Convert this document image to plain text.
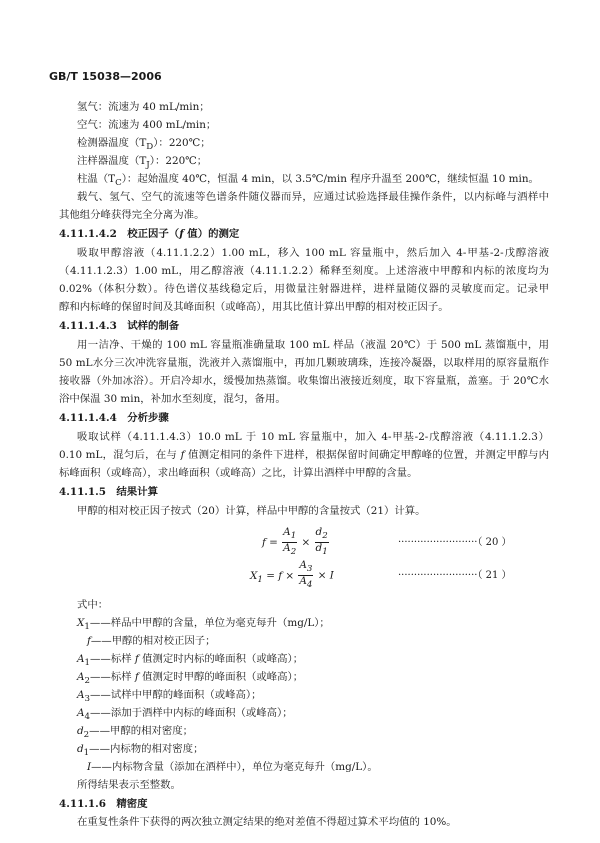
GB/T 15038—2006
氢气：流速为 40 mL/min；
空气：流速为 400 mL/min；
检测器温度$(T_D)$：220℃；
注样器温度$(T_J)$：220℃；
柱温$(T_C)$：起始温度 40℃，恒温 4 min，以 3.5℃/min 程序升温至 200℃，继续恒温 10 min。
载气、氢气、空气的流速等色谱条件随仪器而异，应通过试验选择最佳操作条件，以内标峰与酒样中
其他组分峰获得完全分离为准。
4.11.1.4.2　校正因子（f 值）的测定
吸取甲醇溶液（4.11.1.2.2）1.00 mL，移入 100 mL 容量瓶中，然后加入 4-甲基-2-戊醇溶液
（4.11.1.2.3）1.00 mL，用乙醇溶液（4.11.1.2.2）稀释至刻度。上述溶液中甲醇和内标的浓度均为
0.02%（体积分数）。待色谱仪基线稳定后，用微量注射器进样，进样量随仪器的灵敏度而定。记录甲
醇和内标峰的保留时间及其峰面积（或峰高），用其比值计算出甲醇的相对校正因子。
4.11.1.4.3　试样的制备
用一洁净、干燥的 100 mL 容量瓶准确量取 100 mL 样品（液温 20℃）于 500 mL 蒸馏瓶中，用
50 mL水分三次冲洗容量瓶，洗液并入蒸馏瓶中，再加几颗玻璃珠，连接冷凝器，以取样用的原容量瓶作
接收器（外加冰浴）。开启冷却水，缓慢加热蒸馏。收集馏出液接近刻度，取下容量瓶，盖塞。于 20℃水
浴中保温 30 min，补加水至刻度，混匀，备用。
4.11.1.4.4　分析步骤
吸取试样（4.11.1.4.3）10.0 mL 于 10 mL 容量瓶中，加入 4-甲基-2-戊醇溶液（4.11.1.2.3）
0.10 mL，混匀后，在与 f 值测定相同的条件下进样，根据保留时间确定甲醇峰的位置，并测定甲醇与内
标峰面积（或峰高），求出峰面积（或峰高）之比，计算出酒样中甲醇的含量。
4.11.1.5　结果计算
甲醇的相对校正因子按式（20）计算，样品中甲醇的含量按式（21）计算。
$f = \frac{A_1}{A_2} \times \frac{d_2}{d_1}$	·························（ 20 ）
$X_1 = f \times \frac{A_3}{A_4} \times I$	·························（ 21 ）
式中：
$X_1——$样品中甲醇的含量，单位为毫克每升（mg/L）；
f——甲醇的相对校正因子；
$A_1——$标样 f 值测定时内标的峰面积（或峰高）；
$A_2——$标样 f 值测定时甲醇的峰面积（或峰高）；
$A_3——$试样中甲醇的峰面积（或峰高）；
$A_4——$添加于酒样中内标的峰面积（或峰高）；
$d_2——$甲醇的相对密度；
$d_1——$内标物的相对密度；
I——内标物含量（添加在酒样中），单位为毫克每升（mg/L）。
所得结果表示至整数。
4.11.1.6　精密度
在重复性条件下获得的两次独立测定结果的绝对差值不得超过算术平均值的 10%。
